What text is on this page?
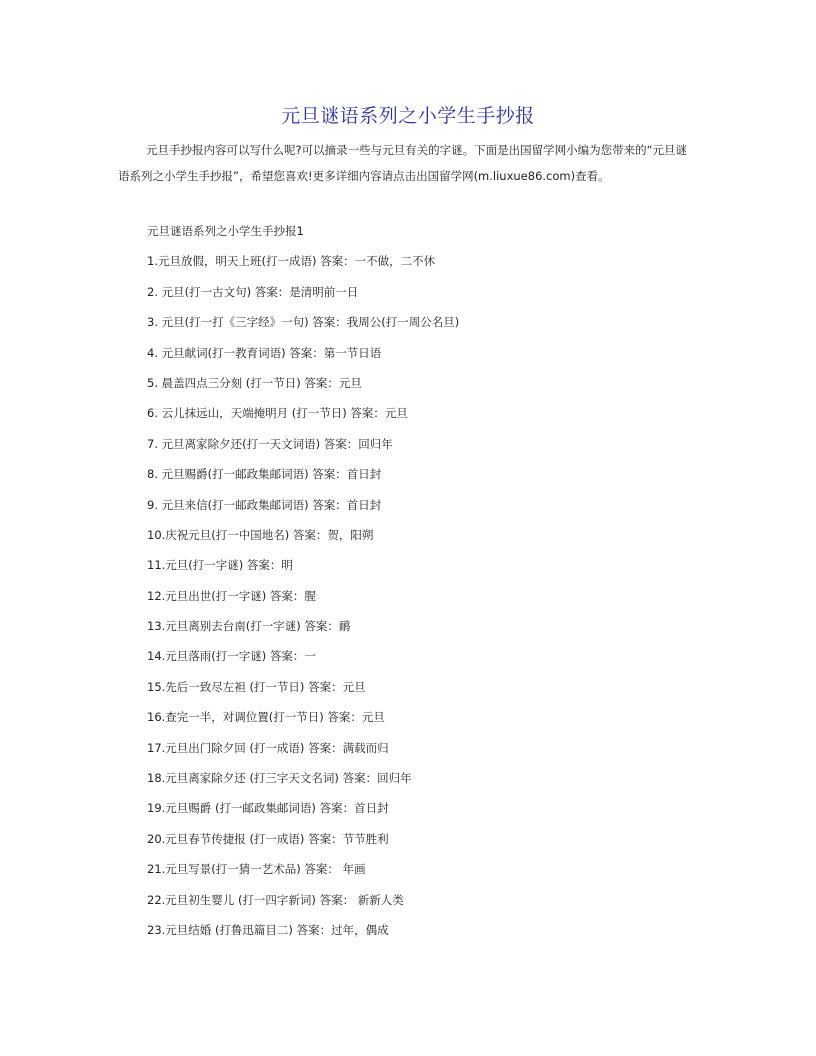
元旦谜语系列之小学生手抄报

元旦手抄报内容可以写什么呢?可以摘录一些与元旦有关的字谜。下面是出国留学网小编为您带来的“元旦谜语系列之小学生手抄报”，希望您喜欢!更多详细内容请点击出国留学网(m.liuxue86.com)查看。

元旦谜语系列之小学生手抄报1
1.元旦放假，明天上班(打一成语) 答案：一不做，二不休
2. 元旦(打一古文句) 答案：是清明前一日
3. 元旦(打一打《三字经》一句) 答案：我周公(打一周公名旦)
4. 元旦献词(打一教育词语) 答案：第一节日语
5. 晨盖四点三分刻 (打一节日) 答案：元旦
6. 云儿抹远山，天端掩明月 (打一节日) 答案：元旦
7. 元旦离家除夕还(打一天文词语) 答案：回归年
8. 元旦赐爵(打一邮政集邮词语) 答案：首日封
9. 元旦来信(打一邮政集邮词语) 答案：首日封
10.庆祝元旦(打一中国地名) 答案：贺，阳朔
11.元旦(打一字谜) 答案：明
12.元旦出世(打一字谜) 答案：腥
13.元旦离别去台南(打一字谜) 答案：鸸
14.元旦落雨(打一字谜) 答案：一
15.先后一致尽左袒 (打一节日) 答案：元旦
16.查完一半，对调位置(打一节日) 答案：元旦
17.元旦出门除夕回 (打一成语) 答案：满载而归
18.元旦离家除夕还 (打三字天文名词) 答案：回归年
19.元旦赐爵 (打一邮政集邮词语) 答案：首日封
20.元旦春节传捷报 (打一成语) 答案：节节胜利
21.元旦写景(打一猜一艺术品) 答案： 年画
22.元旦初生婴儿 (打一四字新词) 答案： 新新人类
23.元旦结婚 (打鲁迅篇目二) 答案：过年，偶成
